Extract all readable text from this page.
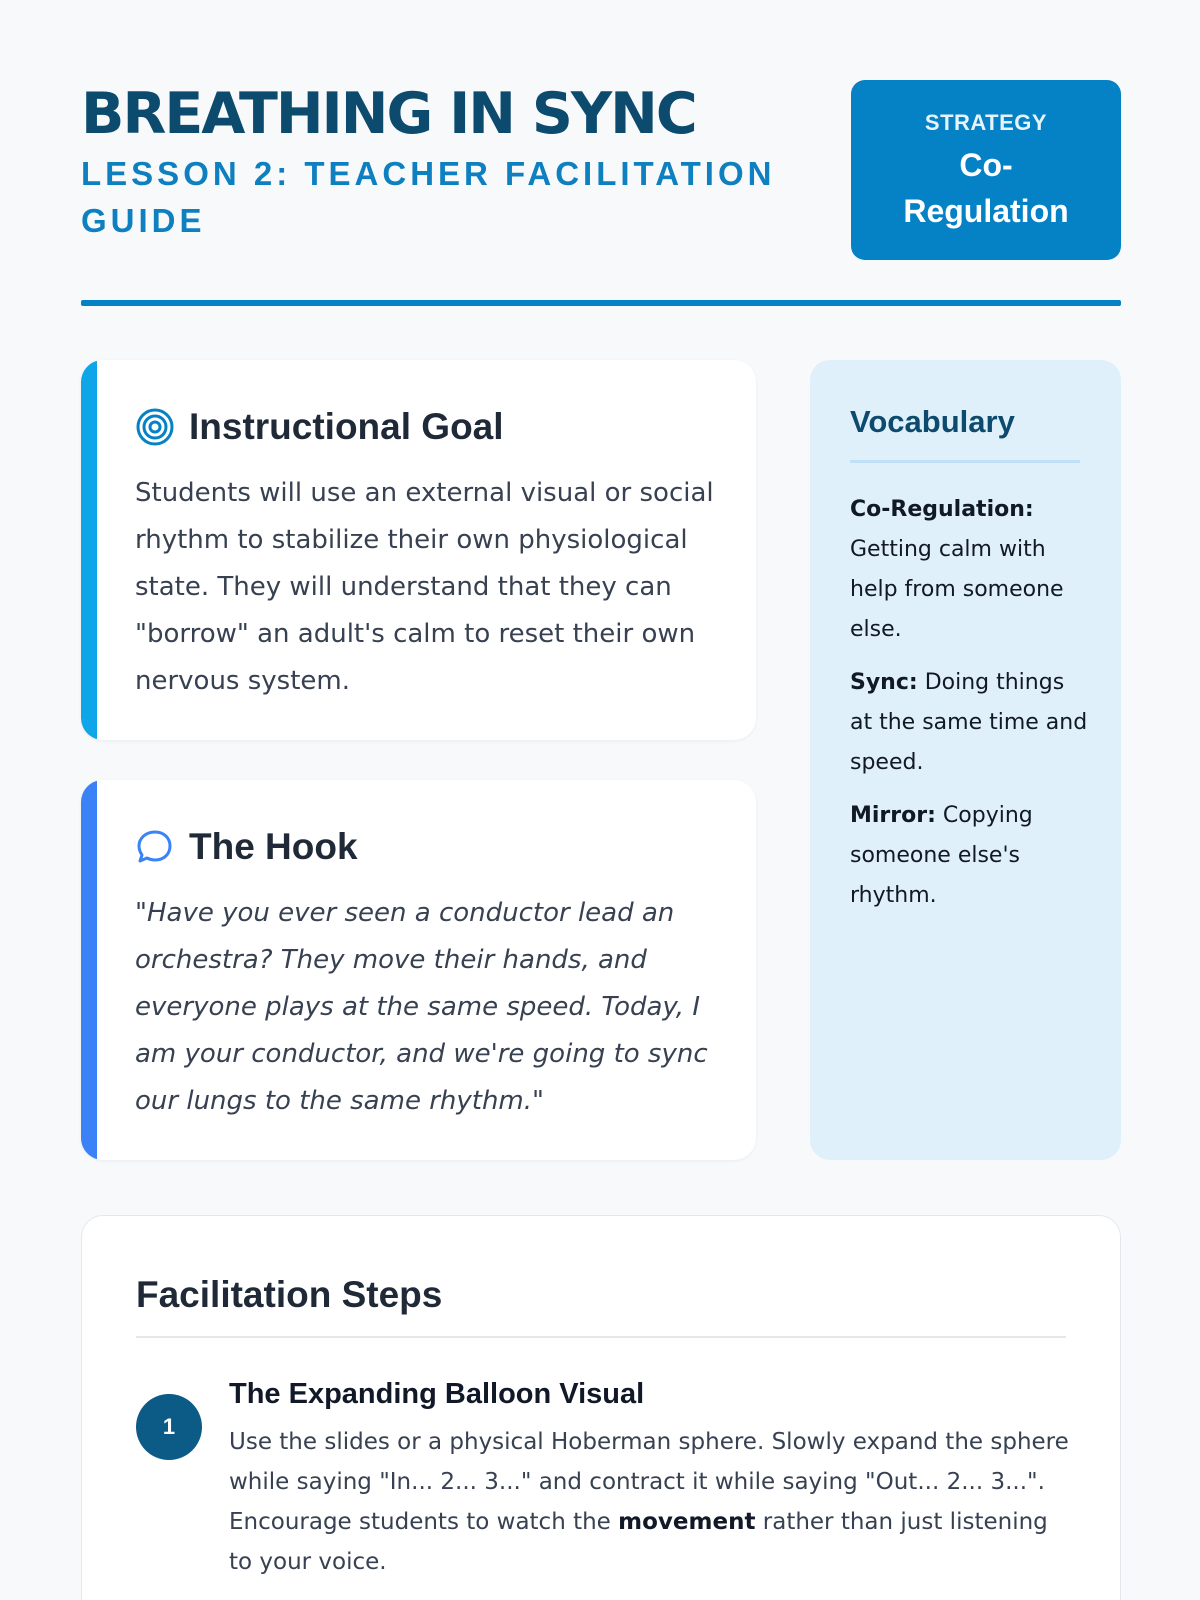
BREATHING IN SYNC
LESSON 2: TEACHER FACILITATION GUIDE
STRATEGY
Co-Regulation
Instructional Goal
Students will use an external visual or social rhythm to stabilize their own physiological state. They will understand that they can "borrow" an adult's calm to reset their own nervous system.
The Hook
"Have you ever seen a conductor lead an orchestra? They move their hands, and everyone plays at the same speed. Today, I am your conductor, and we're going to sync our lungs to the same rhythm."
Vocabulary
Co-Regulation: Getting calm with help from someone else.
Sync: Doing things at the same time and speed.
Mirror: Copying someone else's rhythm.
Facilitation Steps
1
The Expanding Balloon Visual
Use the slides or a physical Hoberman sphere. Slowly expand the sphere while saying "In... 2... 3..." and contract it while saying "Out... 2... 3...". Encourage students to watch the movement rather than just listening to your voice.
